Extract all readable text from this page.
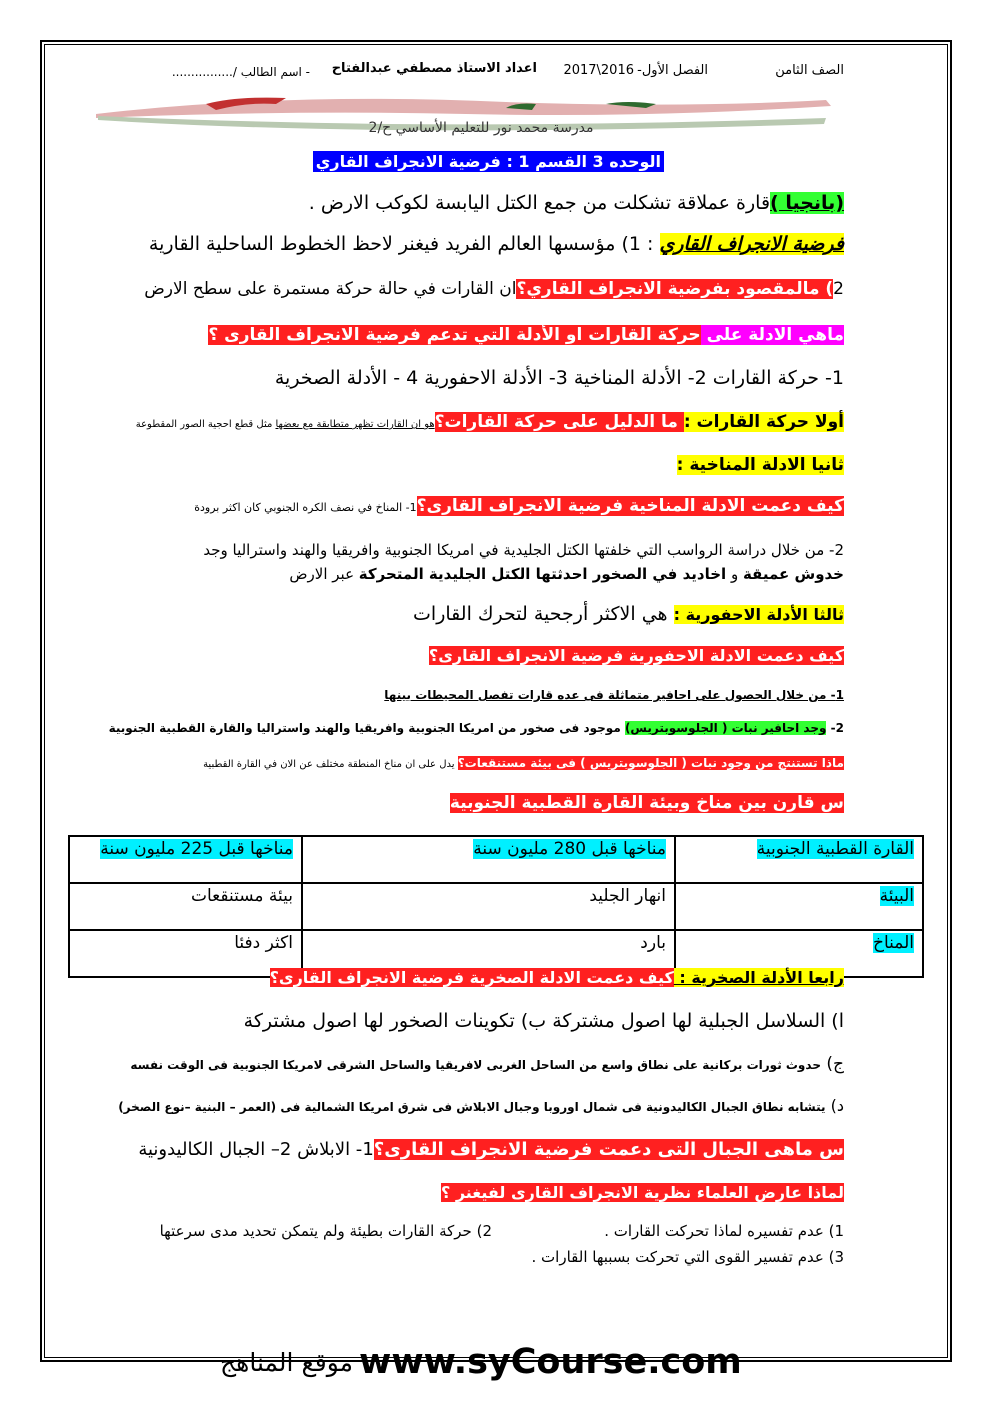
الصف الثامن
الفصل الأول-
2017\2016
اعداد الاستاذ مصطفي عبدالفتاح
- اسم الطالب /................
مدرسة محمد نور للتعليم الأساسي ح/2
الوحده 3 القسم 1 : فرضية الانجراف القاري
(بانجيا )قارة عملاقة تشكلت من جمع الكتل اليابسة لكوكب الارض .
فرضية الانجراف القاري : 1) مؤسسها العالم الفريد فيغنر لاحظ الخطوط الساحلية القارية
2) مالمقصود بفرضية الانجراف القاري؟ان القارات في حالة حركة مستمرة على سطح الارض
ماهي الادلة على حركة القارات او الأدلة التي تدعم فرضية الانجراف القارى ؟
1- حركة القارات 2- الأدلة المناخية 3- الأدلة الاحفورية 4 - الأدلة الصخرية
أولا حركة القارات : ما الدليل على حركة القارات؟هو ان القارات تظهر متطابقة مع بعضها مثل قطع احجية الصور المقطوعة
ثانيا الادلة المناخية :
كيف دعمت الادلة المناخية فرضية الانجراف القارى؟1- المناخ في نصف الكره الجنوبي كان اكثر برودة
2- من خلال دراسة الرواسب التي خلفتها الكتل الجليدية في امريكا الجنوبية وافريقيا والهند واستراليا وجد
خدوش عميقة و اخاديد في الصخور احدثتها الكتل الجليدية المتحركة عبر الارض
ثالثا الأدلة الاحفورية : هي الاكثر أرجحية لتحرك القارات
كيف دعمت الادلة الاحفورية فرضية الانجراف القارى؟
1- من خلال الحصول على احافير متماثلة فى عده قارات تفصل المحيطات بينها
2- وجد احافير نبات ( الجلوسوبتريس) موجود فى صخور من امريكا الجنوبية وافريقيا والهند واستراليا والقارة القطبية الجنوبية
ماذا تستنتج من وجود نبات ( الجلوسوبتريس ) فى بيئة مستنقعات؟ يدل على ان مناخ المنطقة مختلف عن الان في القارة القطبية
س قارن بين مناخ وبيئة القارة القطبية الجنوبية
القارة القطبية الجنوبية	مناخها قبل 280 مليون سنة	مناخها قبل 225 مليون سنة
البيئة	انهار الجليد	بيئة مستنقعات
المناخ	بارد	اكثر دفئا
رابعا الأدلة الصخرية : كيف دعمت الادلة الصخرية فرضية الانجراف القارى؟
ا) السلاسل الجبلية لها اصول مشتركة ب) تكوينات الصخور لها اصول مشتركة
ج) حدوث ثورات بركانية على نطاق واسع من الساحل الغربى لافريقيا والساحل الشرقى لامريكا الجنوبية فى الوقت نفسه
د) يتشابه نطاق الجبال الكاليدونية فى شمال اوروبا وجبال الابلاش فى شرق امريكا الشمالية فى (العمر – البنية –نوع الصخر)
س ماهى الجبال التى دعمت فرضية الانجراف القارى؟1- الابلاش 2– الجبال الكاليدونية
لماذا عارض العلماء نظرية الانجراف القارى لفيغنر ؟
1) عدم تفسيره لماذا تحركت القارات .
2) حركة القارات بطيئة ولم يتمكن تحديد مدى سرعتها
3) عدم تفسير القوى التي تحركت بسببها القارات .
موقع المناهج www.syCourse.com
